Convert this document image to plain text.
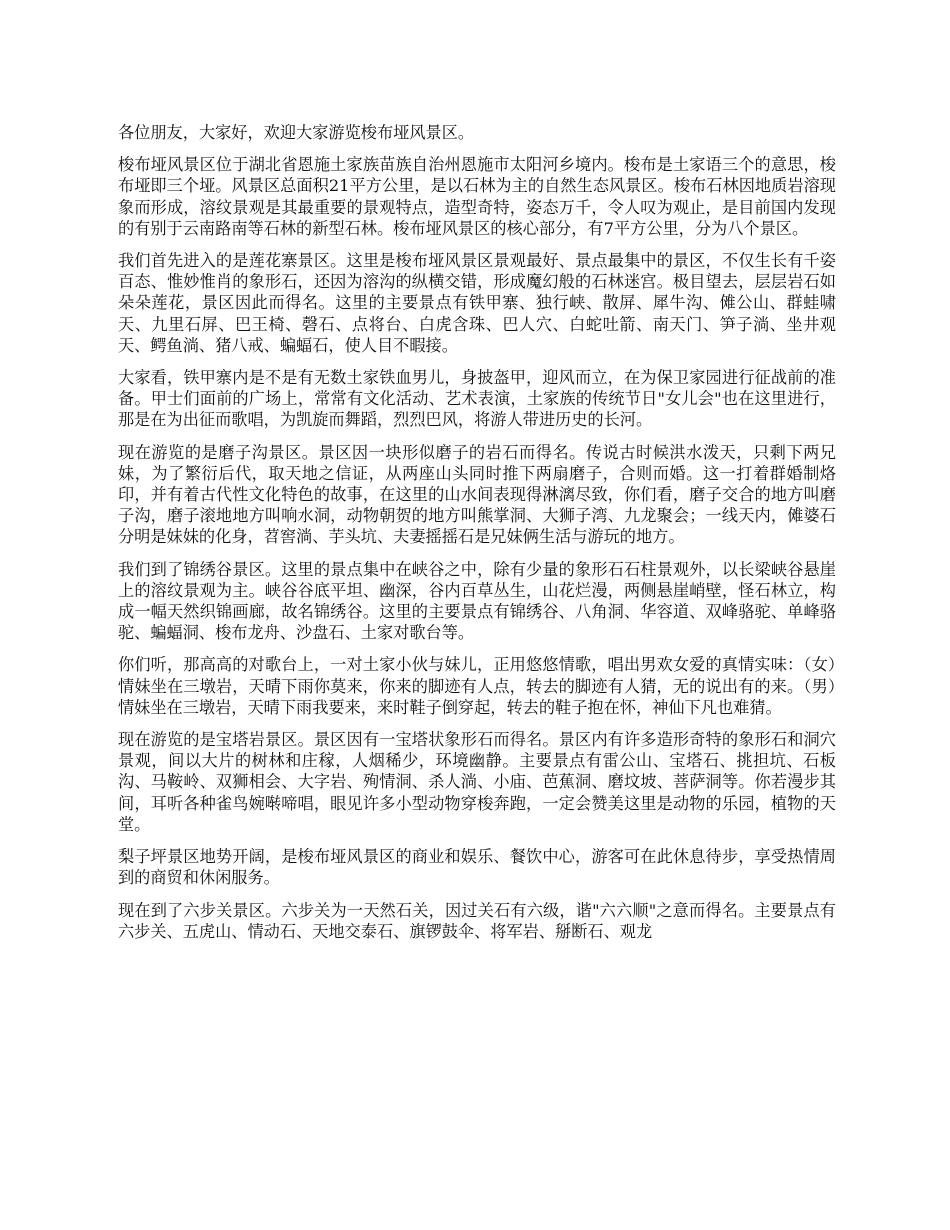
各位朋友，大家好，欢迎大家游览梭布垭风景区。

梭布垭风景区位于湖北省恩施土家族苗族自治州恩施市太阳河乡境内。梭布是土家语三个的意思，梭布垭即三个垭。风景区总面积21平方公里，是以石林为主的自然生态风景区。梭布石林因地质岩溶现象而形成，溶纹景观是其最重要的景观特点，造型奇特，姿态万千，令人叹为观止，是目前国内发现的有别于云南路南等石林的新型石林。梭布垭风景区的核心部分，有7平方公里，分为八个景区。

我们首先进入的是莲花寨景区。这里是梭布垭风景区景观最好、景点最集中的景区，不仅生长有千姿百态、惟妙惟肖的象形石，还因为溶沟的纵横交错，形成魔幻般的石林迷宫。极目望去，层层岩石如朵朵莲花，景区因此而得名。这里的主要景点有铁甲寨、独行峡、散屏、犀牛沟、傩公山、群蛙啸天、九里石屏、巴王椅、磬石、点将台、白虎含珠、巴人穴、白蛇吐箭、南天门、笋子淌、坐井观天、鳄鱼淌、猪八戒、蝙蝠石，使人目不暇接。

大家看，铁甲寨内是不是有无数土家铁血男儿，身披盔甲，迎风而立，在为保卫家园进行征战前的准备。甲士们面前的广场上，常常有文化活动、艺术表演，土家族的传统节日"女儿会"也在这里进行，那是在为出征而歌唱，为凯旋而舞蹈，烈烈巴风，将游人带进历史的长河。

现在游览的是磨子沟景区。景区因一块形似磨子的岩石而得名。传说古时候洪水泼天，只剩下两兄妹，为了繁衍后代，取天地之信证，从两座山头同时推下两扇磨子，合则而婚。这一打着群婚制烙印，并有着古代性文化特色的故事，在这里的山水间表现得淋漓尽致，你们看，磨子交合的地方叫磨子沟，磨子滚地地方叫响水洞，动物朝贺的地方叫熊掌洞、大狮子湾、九龙聚会；一线天内，傩婆石分明是妹妹的化身，苕窖淌、芋头坑、夫妻摇摇石是兄妹俩生活与游玩的地方。

我们到了锦绣谷景区。这里的景点集中在峡谷之中，除有少量的象形石石柱景观外，以长梁峡谷悬崖上的溶纹景观为主。峡谷谷底平坦、幽深，谷内百草丛生，山花烂漫，两侧悬崖峭壁，怪石林立，构成一幅天然织锦画廊，故名锦绣谷。这里的主要景点有锦绣谷、八角洞、华容道、双峰骆驼、单峰骆驼、蝙蝠洞、梭布龙舟、沙盘石、土家对歌台等。

你们听，那高高的对歌台上，一对土家小伙与妹儿，正用悠悠情歌，唱出男欢女爱的真情实味：（女）情妹坐在三墩岩，天晴下雨你莫来，你来的脚迹有人点，转去的脚迹有人猜，无的说出有的来。（男）情妹坐在三墩岩，天晴下雨我要来，来时鞋子倒穿起，转去的鞋子抱在怀，神仙下凡也难猜。

现在游览的是宝塔岩景区。景区因有一宝塔状象形石而得名。景区内有许多造形奇特的象形石和洞穴景观，间以大片的树林和庄稼，人烟稀少，环境幽静。主要景点有雷公山、宝塔石、挑担坑、石板沟、马鞍岭、双狮相会、大字岩、殉情洞、杀人淌、小庙、芭蕉洞、磨坟坡、菩萨洞等。你若漫步其间，耳听各种雀鸟婉啭啼唱，眼见许多小型动物穿梭奔跑，一定会赞美这里是动物的乐园，植物的天堂。

梨子坪景区地势开阔，是梭布垭风景区的商业和娱乐、餐饮中心，游客可在此休息待步，享受热情周到的商贸和休闲服务。

现在到了六步关景区。六步关为一天然石关，因过关石有六级，谐"六六顺"之意而得名。主要景点有六步关、五虎山、情动石、天地交泰石、旗锣鼓伞、将军岩、掰断石、观龙
